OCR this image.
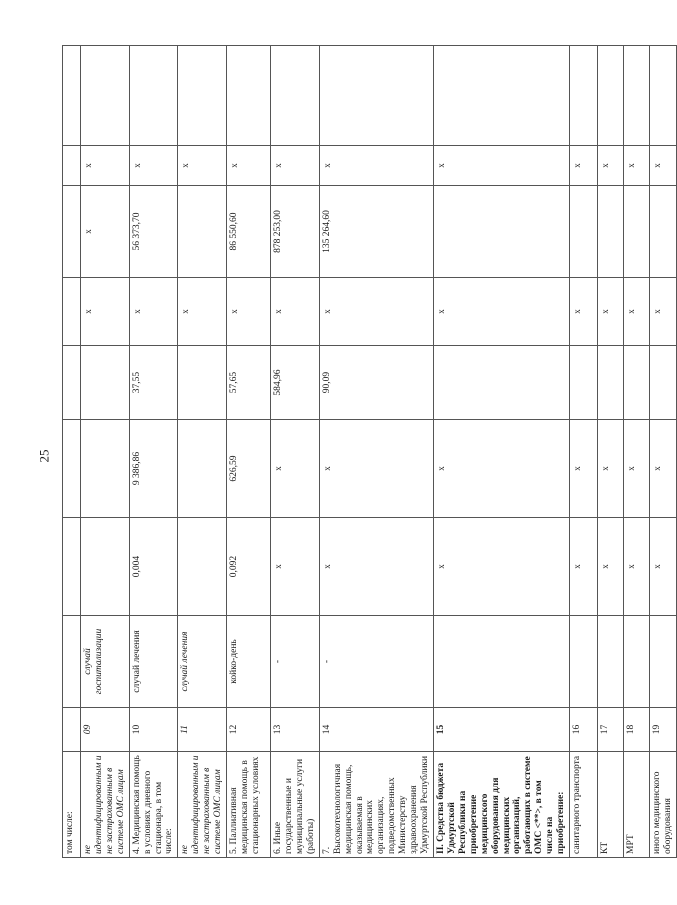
25
том числе:									
не идентифицированным и не застрахованным в системе ОМС лицам	09	случай госпитализации				x	x	x	
4. Медицинская помощь в условиях дневного стационара, в том числе:	10	случай лечения	0,004	9 386,86	37,55	x	56 373,70	x	
не идентифицированным и не застрахованным в системе ОМС лицам	11	случай лечения				x		x	
5. Паллиативная медицинская помощь в стационарных условиях	12	койко-день	0,092	626,59	57,65	x	86 550,60	x	
6. Иные государственные и муниципальные услуги (работы)	13	-	x	x	584,96	x	878 253,00	x	
7. Высокотехнологичная медицинская помощь, оказываемая в медицинских организациях, подведомственных Министерству здравоохранения Удмуртской Республики	14	-	x	x	90,09	x	135 264,60	x	
II. Средства бюджета Удмуртской Республики на приобретение медицинского оборудования для медицинских организаций, работающих в системе ОМС <**>, в том числе на приобретение:	15		x	x		x		x	
санитарного транспорта	16		x	x		x		x	
КТ	17		x	x		x		x	
МРТ	18		x	x		x		x	
иного медицинского оборудования	19		x	x		x		x	
